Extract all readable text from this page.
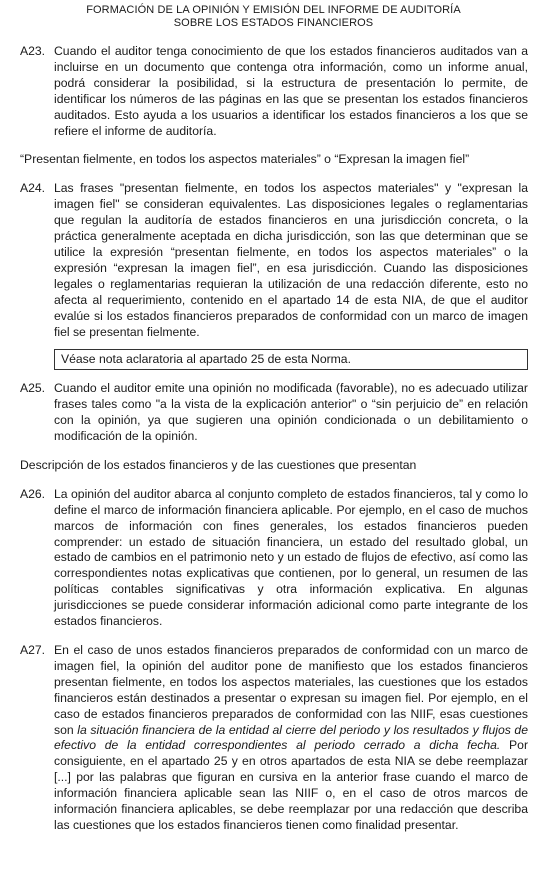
FORMACIÓN DE LA OPINIÓN Y EMISIÓN DEL INFORME DE AUDITORÍA
SOBRE LOS ESTADOS FINANCIEROS
A23. Cuando el auditor tenga conocimiento de que los estados financieros auditados van a incluirse en un documento que contenga otra información, como un informe anual, podrá considerar la posibilidad, si la estructura de presentación lo permite, de identificar los números de las páginas en las que se presentan los estados financieros auditados. Esto ayuda a los usuarios a identificar los estados financieros a los que se refiere el informe de auditoría.
“Presentan fielmente, en todos los aspectos materiales” o “Expresan la imagen fiel”
A24. Las frases "presentan fielmente, en todos los aspectos materiales" y "expresan la imagen fiel" se consideran equivalentes. Las disposiciones legales o reglamentarias que regulan la auditoría de estados financieros en una jurisdicción concreta, o la práctica generalmente aceptada en dicha jurisdicción, son las que determinan que se utilice la expresión “presentan fielmente, en todos los aspectos materiales” o la expresión “expresan la imagen fiel”, en esa jurisdicción. Cuando las disposiciones legales o reglamentarias requieran la utilización de una redacción diferente, esto no afecta al requerimiento, contenido en el apartado 14 de esta NIA, de que el auditor evalúe si los estados financieros preparados de conformidad con un marco de imagen fiel se presentan fielmente.
Véase nota aclaratoria al apartado 25 de esta Norma.
A25. Cuando el auditor emite una opinión no modificada (favorable), no es adecuado utilizar frases tales como "a la vista de la explicación anterior" o “sin perjuicio de” en relación con la opinión, ya que sugieren una opinión condicionada o un debilitamiento o modificación de la opinión.
Descripción de los estados financieros y de las cuestiones que presentan
A26. La opinión del auditor abarca al conjunto completo de estados financieros, tal y como lo define el marco de información financiera aplicable. Por ejemplo, en el caso de muchos marcos de información con fines generales, los estados financieros pueden comprender: un estado de situación financiera, un estado del resultado global, un estado de cambios en el patrimonio neto y un estado de flujos de efectivo, así como las correspondientes notas explicativas que contienen, por lo general, un resumen de las políticas contables significativas y otra información explicativa. En algunas jurisdicciones se puede considerar información adicional como parte integrante de los estados financieros.
A27. En el caso de unos estados financieros preparados de conformidad con un marco de imagen fiel, la opinión del auditor pone de manifiesto que los estados financieros presentan fielmente, en todos los aspectos materiales, las cuestiones que los estados financieros están destinados a presentar o expresan su imagen fiel. Por ejemplo, en el caso de estados financieros preparados de conformidad con las NIIF, esas cuestiones son la situación financiera de la entidad al cierre del periodo y los resultados y flujos de efectivo de la entidad correspondientes al periodo cerrado a dicha fecha. Por consiguiente, en el apartado 25 y en otros apartados de esta NIA se debe reemplazar [...] por las palabras que figuran en cursiva en la anterior frase cuando el marco de información financiera aplicable sean las NIIF o, en el caso de otros marcos de información financiera aplicables, se debe reemplazar por una redacción que describa las cuestiones que los estados financieros tienen como finalidad presentar.
